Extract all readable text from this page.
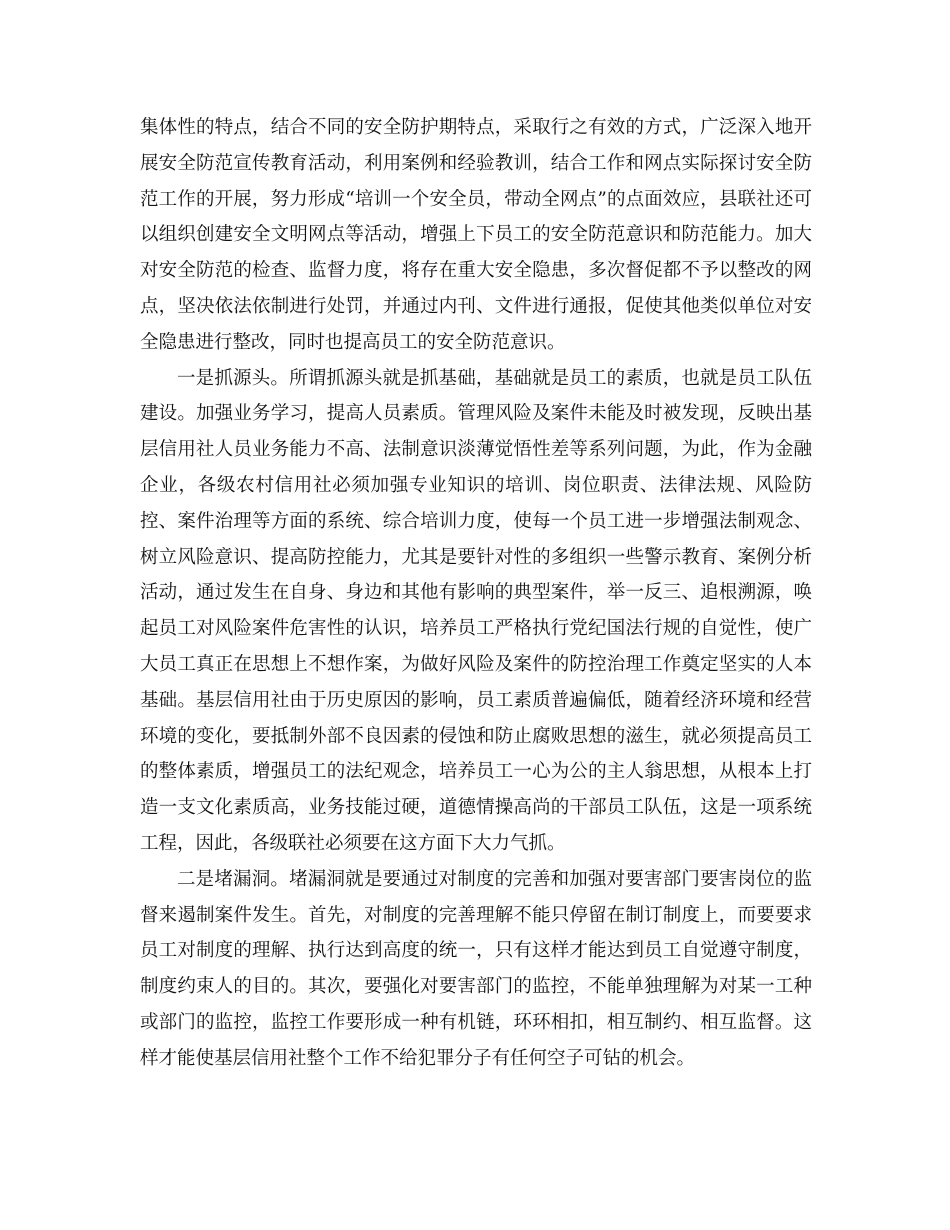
集体性的特点，结合不同的安全防护期特点，采取行之有效的方式，广泛深入地开展安全防范宣传教育活动，利用案例和经验教训，结合工作和网点实际探讨安全防范工作的开展，努力形成“培训一个安全员，带动全网点”的点面效应，县联社还可以组织创建安全文明网点等活动，增强上下员工的安全防范意识和防范能力。加大对安全防范的检查、监督力度，将存在重大安全隐患，多次督促都不予以整改的网点，坚决依法依制进行处罚，并通过内刊、文件进行通报，促使其他类似单位对安全隐患进行整改，同时也提高员工的安全防范意识。

一是抓源头。所谓抓源头就是抓基础，基础就是员工的素质，也就是员工队伍建设。加强业务学习，提高人员素质。管理风险及案件未能及时被发现，反映出基层信用社人员业务能力不高、法制意识淡薄觉悟性差等系列问题，为此，作为金融企业，各级农村信用社必须加强专业知识的培训、岗位职责、法律法规、风险防控、案件治理等方面的系统、综合培训力度，使每一个员工进一步增强法制观念、树立风险意识、提高防控能力，尤其是要针对性的多组织一些警示教育、案例分析活动，通过发生在自身、身边和其他有影响的典型案件，举一反三、追根溯源，唤起员工对风险案件危害性的认识，培养员工严格执行党纪国法行规的自觉性，使广大员工真正在思想上不想作案，为做好风险及案件的防控治理工作奠定坚实的人本基础。基层信用社由于历史原因的影响，员工素质普遍偏低，随着经济环境和经营环境的变化，要抵制外部不良因素的侵蚀和防止腐败思想的滋生，就必须提高员工的整体素质，增强员工的法纪观念，培养员工一心为公的主人翁思想，从根本上打造一支文化素质高，业务技能过硬，道德情操高尚的干部员工队伍，这是一项系统工程，因此，各级联社必须要在这方面下大力气抓。

二是堵漏洞。堵漏洞就是要通过对制度的完善和加强对要害部门要害岗位的监督来遏制案件发生。首先，对制度的完善理解不能只停留在制订制度上，而要要求员工对制度的理解、执行达到高度的统一，只有这样才能达到员工自觉遵守制度，制度约束人的目的。其次，要强化对要害部门的监控，不能单独理解为对某一工种或部门的监控，监控工作要形成一种有机链，环环相扣，相互制约、相互监督。这样才能使基层信用社整个工作不给犯罪分子有任何空子可钻的机会。
